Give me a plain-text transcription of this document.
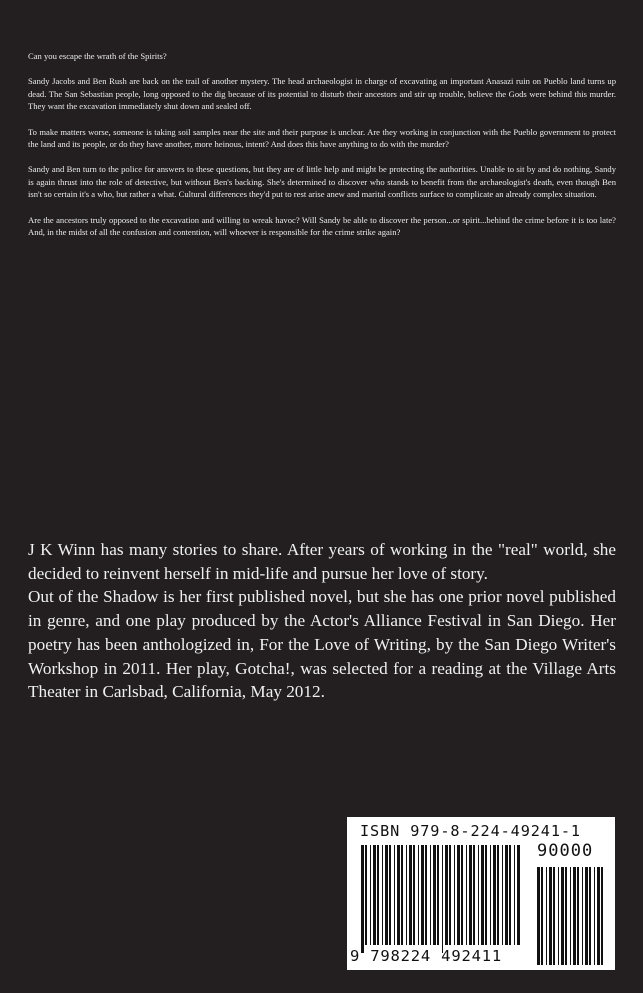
Can you escape the wrath of the Spirits?

Sandy Jacobs and Ben Rush are back on the trail of another mystery. The head archaeologist in charge of excavating an important Anasazi ruin on Pueblo land turns up dead. The San Sebastian people, long opposed to the dig because of its potential to disturb their ancestors and stir up trouble, believe the Gods were behind this murder. They want the excavation immediately shut down and sealed off.

To make matters worse, someone is taking soil samples near the site and their purpose is unclear. Are they working in conjunction with the Pueblo government to protect the land and its people, or do they have another, more heinous, intent? And does this have anything to do with the murder?

Sandy and Ben turn to the police for answers to these questions, but they are of little help and might be protecting the authorities. Unable to sit by and do nothing, Sandy is again thrust into the role of detective, but without Ben's backing. She's determined to discover who stands to benefit from the archaeologist's death, even though Ben isn't so certain it's a who, but rather a what. Cultural differences they'd put to rest arise anew and marital conflicts surface to complicate an already complex situation.

Are the ancestors truly opposed to the excavation and willing to wreak havoc? Will Sandy be able to discover the person...or spirit...behind the crime before it is too late? And, in the midst of all the confusion and contention, will whoever is responsible for the crime strike again?

J K Winn has many stories to share. After years of working in the "real" world, she decided to reinvent herself in mid-life and pursue her love of story.

Out of the Shadow is her first published novel, but she has one prior novel published in genre, and one play produced by the Actor's Alliance Festival in San Diego. Her poetry has been anthologized in, For the Love of Writing, by the San Diego Writer's Workshop in 2011. Her play, Gotcha!, was selected for a reading at the Village Arts Theater in Carlsbad, California, May 2012.

ISBN 979-8-224-49241-1
90000
9 798224 492411
